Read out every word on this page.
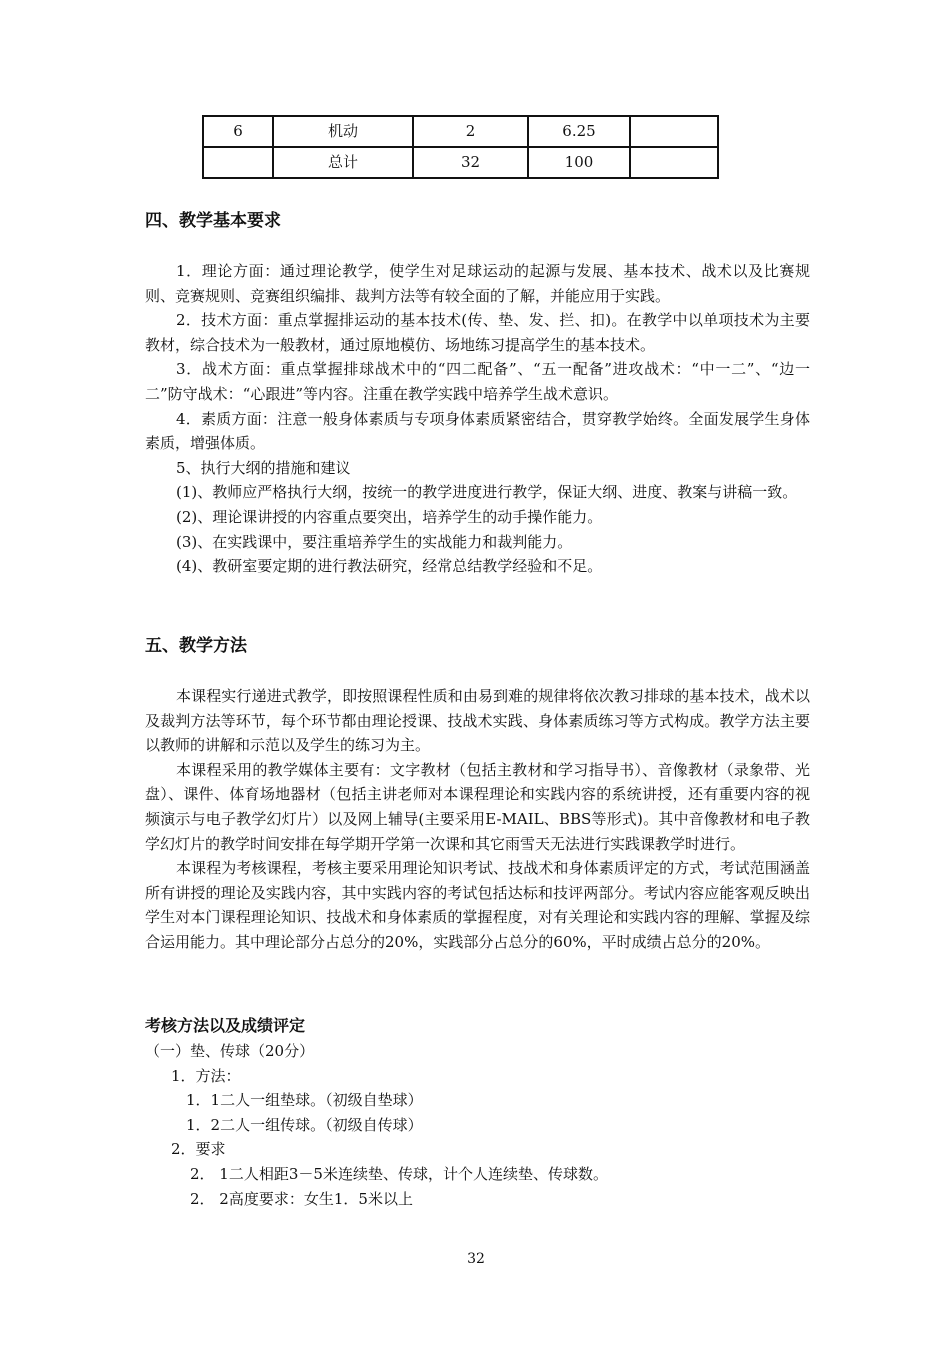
6	机动	2	6.25	
	总计	32	100	
四、教学基本要求

1．理论方面：通过理论教学，使学生对足球运动的起源与发展、基本技术、战术以及比赛规则、竞赛规则、竞赛组织编排、裁判方法等有较全面的了解，并能应用于实践。

2．技术方面：重点掌握排运动的基本技术(传、垫、发、拦、扣)。在教学中以单项技术为主要教材，综合技术为一般教材，通过原地模仿、场地练习提高学生的基本技术。

3．战术方面：重点掌握排球战术中的“四二配备”、“五一配备”进攻战术：“中一二”、“边一二”防守战术：“心跟进”等内容。注重在教学实践中培养学生战术意识。

4．素质方面：注意一般身体素质与专项身体素质紧密结合，贯穿教学始终。全面发展学生身体素质，增强体质。

5、执行大纲的措施和建议

(1)、教师应严格执行大纲，按统一的教学进度进行教学，保证大纲、进度、教案与讲稿一致。

(2)、理论课讲授的内容重点要突出，培养学生的动手操作能力。

(3)、在实践课中，要注重培养学生的实战能力和裁判能力。

(4)、教研室要定期的进行教法研究，经常总结教学经验和不足。

五、教学方法

本课程实行递进式教学，即按照课程性质和由易到难的规律将依次教习排球的基本技术，战术以及裁判方法等环节，每个环节都由理论授课、技战术实践、身体素质练习等方式构成。教学方法主要以教师的讲解和示范以及学生的练习为主。

本课程采用的教学媒体主要有：文字教材（包括主教材和学习指导书）、音像教材（录象带、光盘）、课件、体育场地器材（包括主讲老师对本课程理论和实践内容的系统讲授，还有重要内容的视频演示与电子教学幻灯片）以及网上辅导(主要采用E-MAIL、BBS等形式)。其中音像教材和电子教学幻灯片的教学时间安排在每学期开学第一次课和其它雨雪天无法进行实践课教学时进行。

本课程为考核课程，考核主要采用理论知识考试、技战术和身体素质评定的方式，考试范围涵盖所有讲授的理论及实践内容，其中实践内容的考试包括达标和技评两部分。考试内容应能客观反映出学生对本门课程理论知识、技战术和身体素质的掌握程度，对有关理论和实践内容的理解、掌握及综合运用能力。其中理论部分占总分的20%，实践部分占总分的60%，平时成绩占总分的20%。

考核方法以及成绩评定

（一）垫、传球（20分）

1．方法：

1．1二人一组垫球。（初级自垫球）

1．2二人一组传球。（初级自传球）

2．要求

2． 1二人相距3－5米连续垫、传球，计个人连续垫、传球数。

2． 2高度要求：女生1．5米以上

32
